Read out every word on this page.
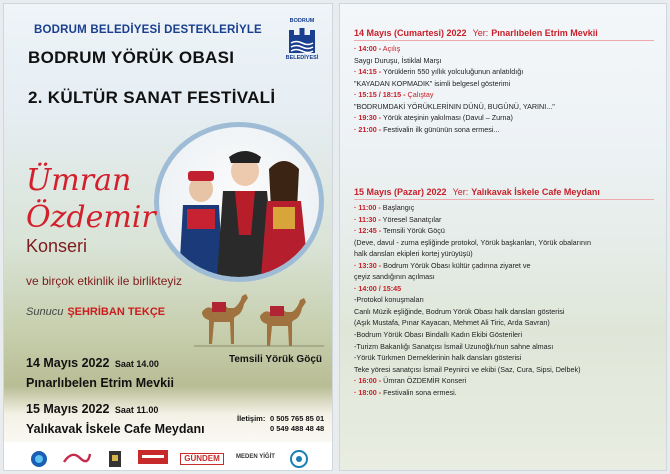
BODRUM BELEDİYESİ DESTEKLERİYLE
BODRUM YÖRÜK OBASI
2. KÜLTÜR SANAT FESTİVALİ
BODRUM
BELEDİYESİ
Ümran
Özdemir
Konseri
ve birçok etkinlik ile birlikteyiz
Sunucu ŞEHRİBAN TEKÇE
Temsili Yörük Göçü
14 Mayıs 2022 Saat 14.00
Pınarlıbelen Etrim Mevkii
15 Mayıs 2022 Saat 11.00
Yalıkavak İskele Cafe Meydanı
İletişim: 0 505 765 85 01
0 549 488 48 48
GÜNDEM	MEDEN YİĞİT
14 Mayıs (Cumartesi) 2022 Yer: Pınarlıbelen Etrim Mevkii
· 14:00 - Açılış
Saygı Duruşu, İstiklal Marşı
· 14:15 - Yörüklerin 550 yıllık yolculuğunun anlatıldığı
"KAYADAN KOPMADIK" isimli belgesel gösterimi
· 15:15 / 18:15 - Çalıştay
"BODRUMDAKİ YÖRÜKLERİNIN DÜNÜ, BUGÜNÜ, YARINI..."
· 19:30 - Yörük ateşinin yakılması (Davul – Zurna)
· 21:00 - Festivalin ilk gününün sona ermesi...
15 Mayıs (Pazar) 2022 Yer: Yalıkavak İskele Cafe Meydanı
· 11:00 - Başlangıç
· 11:30 - Yöresel Sanatçılar
· 12:45 - Temsili Yörük Göçü
(Deve, davul - zurna eşliğinde protokol, Yörük başkanları, Yörük obalarının
halk dansları ekipleri kortej yürüyüşü)
· 13:30 - Bodrum Yörük Obası kültür çadırına ziyaret ve
çeyiz sandığının açılması
· 14:00 / 15:45
-Protokol konuşmaları
Canlı Müzik eşliğinde, Bodrum Yörük Obası halk dansları gösterisi
(Aşık Mustafa, Pınar Kayacan, Mehmet Ali Tiric, Arda Savran)
-Bodrum Yörük Obası Bindallı Kadın Ekibi Gösterileri
-Turizm Bakanlığı Sanatçısı İsmail Uzunoğlu'nun sahne alması
-Yörük Türkmen Derneklerinin halk dansları gösterisi
Teke yöresi sanatçısı İsmail Peynirci ve ekibi (Saz, Cura, Sipsi, Delbek)
· 16:00 - Ümran ÖZDEMİR Konseri
· 18:00 - Festivalin sona ermesi.
